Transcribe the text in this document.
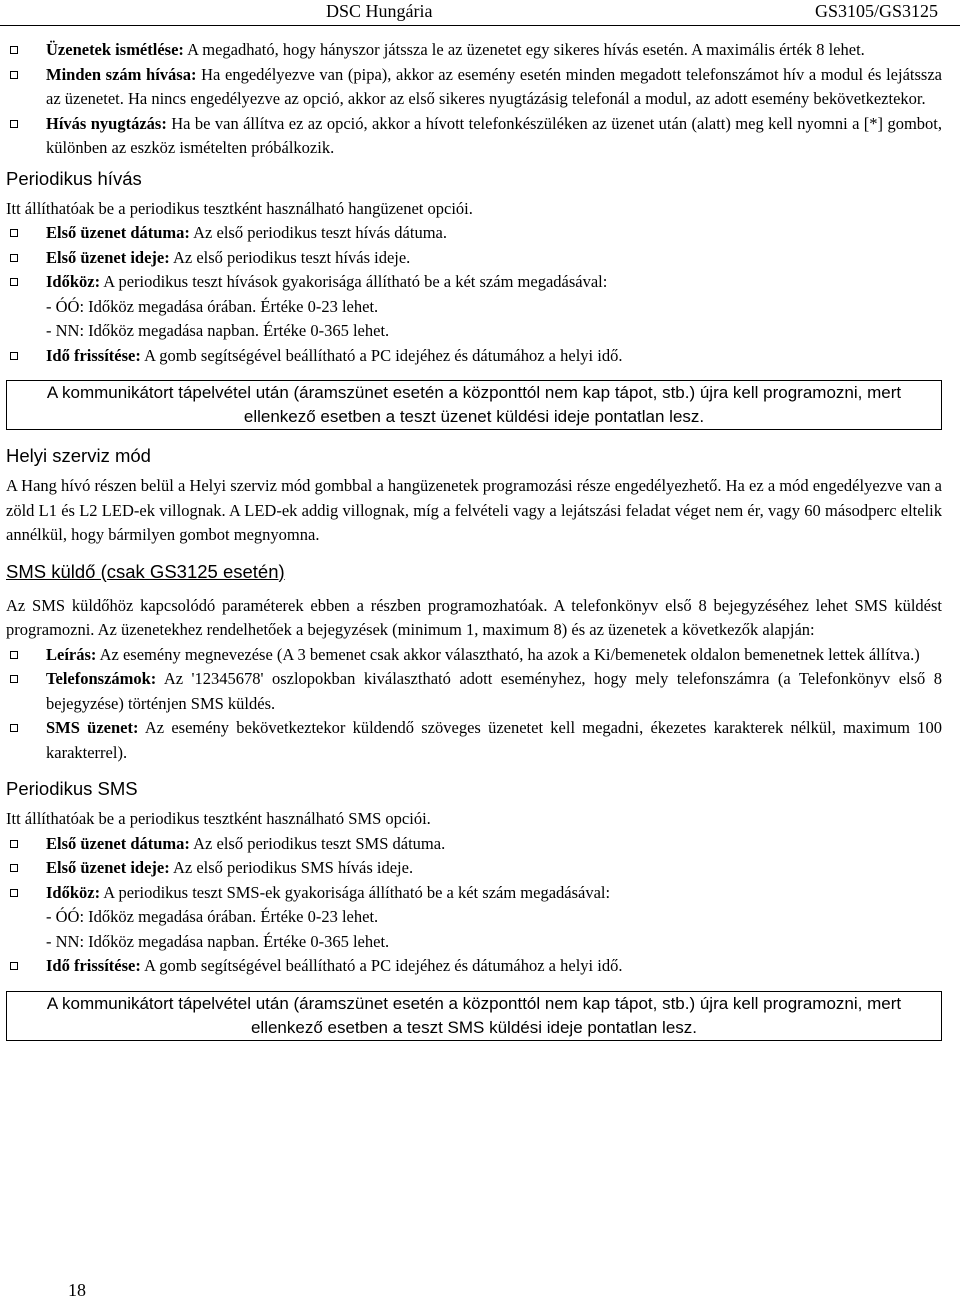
DSC Hungária	GS3105/GS3125
Üzenetek ismétlése: A megadható, hogy hányszor játssza le az üzenetet egy sikeres hívás esetén. A maximális érték 8 lehet.
Minden szám hívása: Ha engedélyezve van (pipa), akkor az esemény esetén minden megadott telefonszámot hív a modul és lejátssza az üzenetet. Ha nincs engedélyezve az opció, akkor az első sikeres nyugtázásig telefonál a modul, az adott esemény bekövetkeztekor.
Hívás nyugtázás: Ha be van állítva ez az opció, akkor a hívott telefonkészüléken az üzenet után (alatt) meg kell nyomni a [*] gombot, különben az eszköz ismételten próbálkozik.
Periodikus hívás

Itt állíthatóak be a periodikus tesztként használható hangüzenet opciói.

Első üzenet dátuma: Az első periodikus teszt hívás dátuma.
Első üzenet ideje: Az első periodikus teszt hívás ideje.
Időköz: A periodikus teszt hívások gyakorisága állítható be a két szám megadásával:
- ÓÓ: Időköz megadása órában. Értéke 0-23 lehet.
- NN: Időköz megadása napban. Értéke 0-365 lehet.
Idő frissítése: A gomb segítségével beállítható a PC idejéhez és dátumához a helyi idő.
A kommunikátort tápelvétel után (áramszünet esetén a központtól nem kap tápot, stb.) újra kell programozni, mert ellenkező esetben a teszt üzenet küldési ideje pontatlan lesz.
Helyi szerviz mód

A Hang hívó részen belül a Helyi szerviz mód gombbal a hangüzenetek programozási része engedélyezhető. Ha ez a mód engedélyezve van a zöld L1 és L2 LED-ek villognak. A LED-ek addig villognak, míg a felvételi vagy a lejátszási feladat véget nem ér, vagy 60 másodperc eltelik annélkül, hogy bármilyen gombot megnyomna.

SMS küldő (csak GS3125 esetén)

Az SMS küldőhöz kapcsolódó paraméterek ebben a részben programozhatóak. A telefonkönyv első 8 bejegyzéséhez lehet SMS küldést programozni. Az üzenetekhez rendelhetőek a bejegyzések (minimum 1, maximum 8) és az üzenetek a következők alapján:

Leírás: Az esemény megnevezése (A 3 bemenet csak akkor választható, ha azok a Ki/bemenetek oldalon bemenetnek lettek állítva.)
Telefonszámok: Az '12345678' oszlopokban kiválasztható adott eseményhez, hogy mely telefonszámra (a Telefonkönyv első 8 bejegyzése) történjen SMS küldés.
SMS üzenet: Az esemény bekövetkeztekor küldendő szöveges üzenetet kell megadni, ékezetes karakterek nélkül, maximum 100 karakterrel).
Periodikus SMS

Itt állíthatóak be a periodikus tesztként használható SMS opciói.

Első üzenet dátuma: Az első periodikus teszt SMS dátuma.
Első üzenet ideje: Az első periodikus SMS hívás ideje.
Időköz: A periodikus teszt SMS-ek gyakorisága állítható be a két szám megadásával:
- ÓÓ: Időköz megadása órában. Értéke 0-23 lehet.
- NN: Időköz megadása napban. Értéke 0-365 lehet.
Idő frissítése: A gomb segítségével beállítható a PC idejéhez és dátumához a helyi idő.
A kommunikátort tápelvétel után (áramszünet esetén a központtól nem kap tápot, stb.) újra kell programozni, mert ellenkező esetben a teszt SMS küldési ideje pontatlan lesz.
18
